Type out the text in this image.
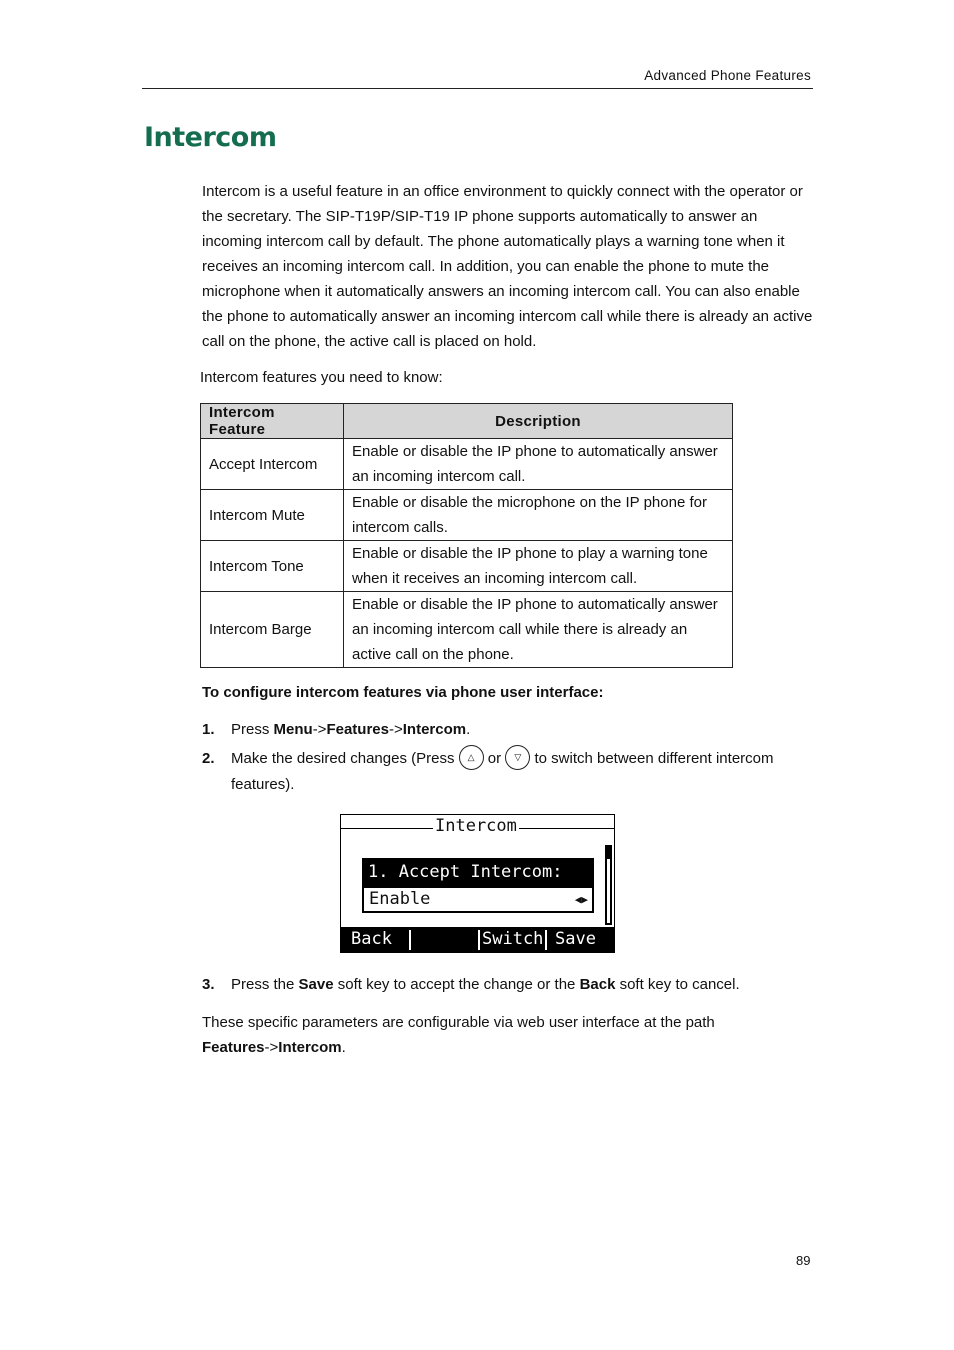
Advanced Phone Features
Intercom

Intercom is a useful feature in an office environment to quickly connect with the operator or the secretary. The SIP-T19P/SIP-T19 IP phone supports automatically to answer an incoming intercom call by default. The phone automatically plays a warning tone when it receives an incoming intercom call. In addition, you can enable the phone to mute the microphone when it automatically answers an incoming intercom call. You can also enable the phone to automatically answer an incoming intercom call while there is already an active call on the phone, the active call is placed on hold.

Intercom features you need to know:

Intercom Feature	Description
Accept Intercom	Enable or disable the IP phone to automatically answer an incoming intercom call.
Intercom Mute	Enable or disable the microphone on the IP phone for intercom calls.
Intercom Tone	Enable or disable the IP phone to play a warning tone when it receives an incoming intercom call.
Intercom Barge	Enable or disable the IP phone to automatically answer an incoming intercom call while there is already an active call on the phone.

To configure intercom features via phone user interface:

1. Press Menu->Features->Intercom.
2. Make the desired changes (Press △ or ▽ to switch between different intercom
features).
Intercom
1. Accept Intercom:
Enable	◀▶
Back	Switch Save
3. Press the Save soft key to accept the change or the Back soft key to cancel.

These specific parameters are configurable via web user interface at the path
Features->Intercom.

89
